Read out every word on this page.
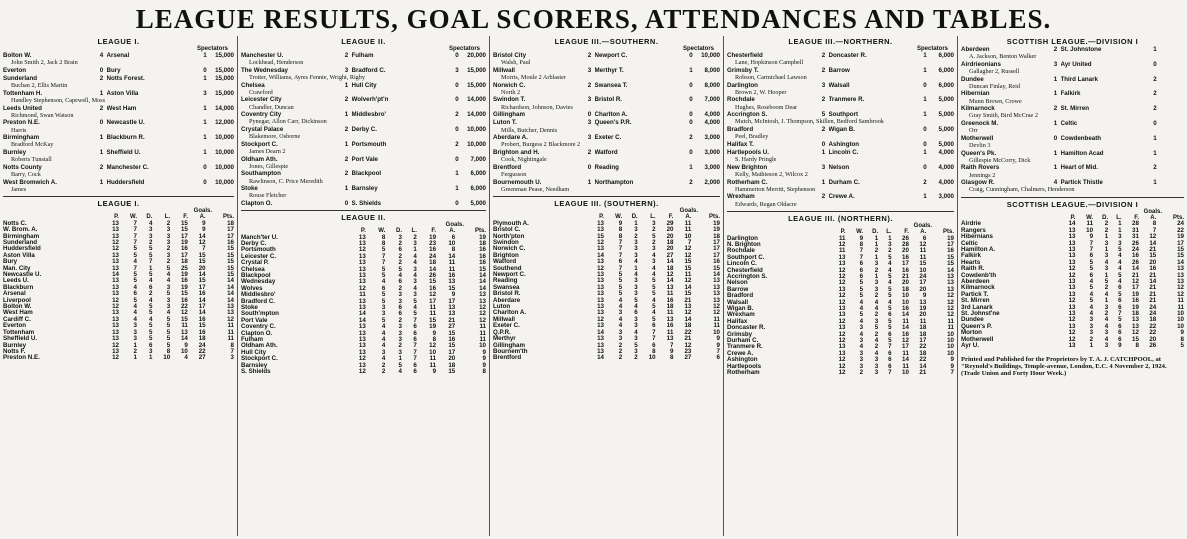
LEAGUE RESULTS, GOAL SCORERS, ATTENDANCES AND TABLES.
LEAGUE I.
Spectators
Bolton W.	4 Arsenal	1	15,000
John Smith 2, Jack 2 Brain
Everton	0 Bury	0	15,000
Sunderland	2 Notts Forest.	1	15,000
Buchan 2, Ellis Martin
Tottenham H.	1 Aston Villa	3	15,000
Handley Stephenson, Capewell, Moss
Leeds United	2 West Ham	1	14,000
Richmond, Swan Watson
Preston N.E.	0 Newcastle U.	1	12,000
Harris
Birmingham	1 Blackburn R.	1	10,000
Bradford McKay
Burnley	1 Sheffield U.	1	10,000
Roberts Tunstall
Notts County	2 Manchester C.	0	10,000
Barry, Cock
West Bromwich A.	1 Huddersfield	0	10,000
James
LEAGUE I.
Goals.
	P.	W.	D.	L.	F.	A.	Pts.
Notts C.	13	7	4	2	15	9	18
W. Brom. A.	13	7	3	3	15	9	17
Birmingham	13	7	3	3	17	14	17
Sunderland	12	7	2	3	19	12	16
Huddersfield	12	5	5	2	16	7	15
Aston Villa	13	5	5	3	17	15	15
Bury	13	4	7	2	18	15	15
Man. City	13	7	1	5	25	20	15
Newcastle U.	14	5	5	4	19	14	15
Leeds U.	13	5	4	4	16	15	14
Blackburn	13	4	6	3	19	17	14
Arsenal	13	6	2	5	15	16	14
Liverpool	12	5	4	3	16	14	14
Bolton W.	12	4	5	3	22	17	13
West Ham	13	4	5	4	12	14	13
Cardiff C.	13	4	4	5	15	16	12
Everton	13	3	5	5	11	15	11
Tottenham	13	3	5	5	13	16	11
Sheffield U.	13	3	5	5	14	18	11
Burnley	12	1	6	5	9	24	8
Notts F.	13	2	3	8	10	22	7
Preston N.E.	12	1	1	10	4	27	3
LEAGUE II.
Spectators
Manchester U.	2 Fulham	0	20,000
Lockhead, Henderson
The Wednesday	3 Bradford C.	3	15,000
Trotter, Williams, Ayres Fennie, Wright, Rigby
Chelsea	1 Hull City	0	15,000
Crawford
Leicester City	2 Wolverh'pt'n	0	14,000
Chandler, Duncan
Coventry City	1 Middlesbro'	2	14,000
Pynegar, Allon Carr, Dickinson
Crystal Palace	2 Derby C.	0	10,000
Blakemore, Osborne
Stockport C.	1 Portsmouth	2	10,000
James Dearn 2
Oldham Ath.	2 Port Vale	0	7,000
Jones, Gillespie
Southampton	2 Blackpool	1	6,000
Rawlinson, C. Price Meredith
Stoke	1 Barnsley	1	6,000
Rouse Fletcher
Clapton O.	0 S. Shields	0	5,000
LEAGUE II.
Goals.
	P.	W.	D.	L.	F.	A.	Pts.
Manch'ter U.	13	8	3	2	19	6	19
Derby C.	13	8	2	3	23	10	18
Portsmouth	12	5	6	1	16	8	16
Leicester C.	13	7	2	4	24	14	16
Crystal P.	13	7	2	4	18	11	16
Chelsea	13	5	5	3	14	11	15
Blackpool	13	5	4	4	26	16	14
Wednesday	13	4	6	3	15	13	14
Wolves	12	6	2	4	16	15	14
Middlesbro'	11	5	3	3	12	9	13
Bradford C.	13	5	3	5	17	17	13
Stoke	13	3	6	4	11	13	12
South'mpton	14	3	6	5	11	13	12
Port Vale	14	5	2	7	15	21	12
Coventry C.	13	4	3	6	19	27	11
Clapton O.	13	4	3	6	9	15	11
Fulham	13	4	3	6	8	16	11
Oldham Ath.	13	4	2	7	12	15	10
Hull City	13	3	3	7	10	17	9
Stockport C.	12	4	1	7	11	20	9
Barnsley	13	2	5	6	11	18	9
S. Shields	12	2	4	6	9	15	8
LEAGUE III.—SOUTHERN.
Spectators
Bristol City	2 Newport C.	0	10,000
Walsh, Paul
Millwall	3 Merthyr T.	1	8,000
Morris, Moule 2 Arblaster
Norwich C.	2 Swansea T.	0	8,000
North 2
Swindon T.	3 Bristol R.	0	7,000
Richardson, Johnson, Davies
Gillingham	0 Charlton A.	0	4,000
Luton T.	3 Queen's P.R.	0	4,000
Mills, Butcher, Dennis
Aberdare A.	3 Exeter C.	2	3,000
Probert, Burgess 2 Blackmore 2
Brighton and H.	2 Watford	0	3,000
Cook, Nightingale
Brentford	0 Reading	1	3,000
Fergusson
Bournemouth U.	1 Northampton	2	2,000
Greenman Pease, Needham
LEAGUE III. (SOUTHERN).
Goals.
	P.	W.	D.	L.	F.	A.	Pts.
Plymouth A.	13	9	1	3	29	11	19
Bristol C.	13	8	3	2	20	11	19
North'pton	15	8	2	5	20	10	18
Swindon	12	7	3	2	18	7	17
Norwich C.	13	7	3	3	20	12	17
Brighton	14	7	3	4	27	12	17
Watford	13	6	4	3	14	15	16
Southend	12	7	1	4	18	15	15
Newport C.	13	5	4	4	12	11	14
Reading	13	5	3	5	14	12	13
Swansea	13	5	3	5	13	14	13
Bristol R.	13	5	3	5	11	15	13
Aberdare	13	4	5	4	16	21	13
Luton	13	4	4	5	18	13	12
Charlton A.	13	3	6	4	11	12	12
Millwall	12	4	3	5	13	14	11
Exeter C.	13	4	3	6	16	18	11
Q.P.R.	14	3	4	7	11	22	10
Merthyr	13	3	3	7	13	21	9
Gillingham	13	2	5	6	7	12	9
Bournem'th	13	2	3	8	9	23	7
Brentford	14	2	2	10	8	27	6
LEAGUE III.—NORTHERN.
Spectators
Chesterfield	2 Doncaster R.	1	6,000
Lane, Hopkinson Campbell
Grimsby T.	2 Barrow	1	6,000
Robson, Carmichael Lawson
Darlington	3 Walsall	0	6,000
Brown 2, W. Hooper
Rochdale	2 Tranmere R.	1	5,000
Hughes, Roseboom Dear
Accrington S.	5 Southport	1	5,000
Mutch, McIntosh, J. Thompson, Skillen, Bedford Sambrook
Bradford	2 Wigan B.	0	5,000
Peel, Bradley
Halifax T.	0 Ashington	0	5,000
Hartlepools U.	1 Lincoln C.	1	4,000
S. Hardy Pringle
New Brighton	3 Nelson	0	4,000
Kelly, Mathieson 2, Wilcox 2
Rotherham C.	1 Durham C.	2	4,000
Hammerton Merritt, Stephenson
Wrexham	2 Crewe A.	1	3,000
Edwards, Regan Oldacre
LEAGUE III. (NORTHERN).
Goals.
	P.	W.	D.	L.	F.	A.	Pts.
Darlington	11	9	1	1	26	6	19
N. Brighton	12	8	1	3	28	12	17
Rochdale	11	7	2	2	20	11	16
Southport C.	13	7	1	5	16	11	15
Lincoln C.	13	6	3	4	17	15	15
Chesterfield	12	6	2	4	16	10	14
Accrington S.	12	6	1	5	21	24	13
Nelson	12	5	3	4	20	17	13
Barrow	13	5	3	5	18	20	13
Bradford	12	5	2	5	10	9	12
Walsall	12	4	4	4	10	13	12
Wigan B.	13	4	4	5	16	19	12
Wrexham	13	5	2	6	14	20	12
Halifax	12	4	3	5	11	11	11
Doncaster R.	13	3	5	5	14	18	11
Grimsby	12	4	2	6	16	18	10
Durham C.	12	3	4	5	12	17	10
Tranmere R.	13	4	2	7	17	22	10
Crewe A.	13	3	4	6	11	18	10
Ashington	12	3	3	6	14	22	9
Hartlepools	12	3	3	6	11	14	9
Rotherham	12	2	3	7	10	21	7
SCOTTISH LEAGUE.—DIVISION I
Aberdeen	2 St. Johnstone	1
A. Jackson, Benton Walker
Airdrieonians	3 Ayr United	0
Gallagher 2, Russell
Dundee	1 Third Lanark	2
Duncan Finlay, Reid
Hibernian	1 Falkirk	2
Munn Brown, Crowe
Kilmarnock	2 St. Mirren	2
Gray Smith, Bird McCrae 2
Greenock M.	1 Celtic	0
Orr
Motherwell	0 Cowdenbeath	1
Devlin 3
Queen's Pk.	1 Hamilton Acad	1
Gillespie McCorry, Dick
Raith Rovers	1 Heart of Mid.	2
Jennings 2
Glasgow R.	4 Partick Thistle	1
Craig, Cunningham, Chalmers, Henderson
SCOTTISH LEAGUE.—DIVISION I
Goals.
	P.	W.	D.	L.	F.	A.	Pts.
Airdrie	14	11	2	1	28	8	24
Rangers	13	10	2	1	31	7	22
Hibernians	13	9	1	3	31	12	19
Celtic	13	7	3	3	26	14	17
Hamilton A.	13	7	1	5	24	21	15
Falkirk	13	6	3	4	16	15	15
Hearts	13	5	4	4	26	20	14
Raith R.	12	5	3	4	14	16	13
Cowdenb'th	12	6	1	5	21	21	13
Aberdeen	13	4	5	4	12	14	13
Kilmarnock	13	5	2	6	17	21	12
Partick T.	13	4	4	5	19	21	12
St. Mirren	12	5	1	6	16	21	11
3rd Lanark	13	4	3	6	19	24	11
St. Johnst'ne	13	4	2	7	18	24	10
Dundee	12	3	4	5	13	18	10
Queen's P.	13	3	4	6	13	22	10
Morton	12	3	3	6	12	22	9
Motherwell	12	2	4	6	15	20	8
Ayr U.	13	1	3	9	8	26	5
Printed and Published for the Proprietors by T. A. J. CATCHPOOL, at "Reynold's Buildings, Temple-avenue, London, E.C. 4 November 2, 1924. (Trade Union and Forty Hour Week.)
